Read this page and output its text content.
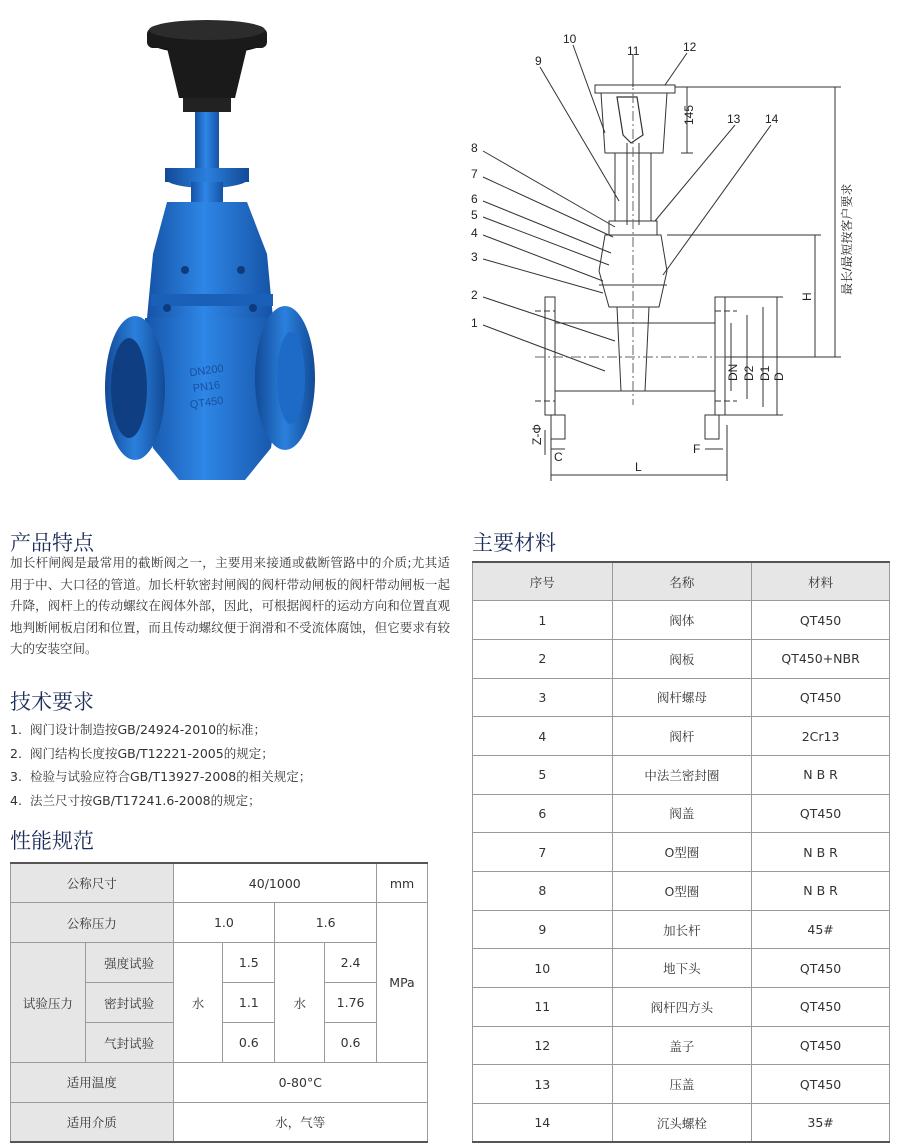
DN200
PN16
QT450
1
2
3
4
5
6
7
8
9
10
11	12
13 14
145
H
最长/最短按客户要求
DN D2 D1 D
Z-Φ
C
F
L
产品特点
加长杆闸阀是最常用的截断阀之一，主要用来接通或截断管路中的介质;尤其适用于中、大口径的管道。加长杆软密封闸阀的阀杆带动闸板的阀杆带动闸板一起升降，阀杆上的传动螺纹在阀体外部，因此，可根据阀杆的运动方向和位置直观地判断闸板启闭和位置，而且传动螺纹便于润滑和不受流体腐蚀，但它要求有较大的安装空间。
技术要求
1. 阀门设计制造按GB/24924-2010的标准；
2. 阀门结构长度按GB/T12221-2005的规定；
3. 检验与试验应符合GB/T13927-2008的相关规定；
4. 法兰尺寸按GB/T17241.6-2008的规定；
性能规范
公称尺寸		40/1000				mm
公称压力		1.0		1.6		MPa
试验压力	强度试验	水	1.5	水	2.4	
	密封试验		1.1		1.76	
	气封试验		0.6		0.6	
适用温度		0-80°C				
适用介质		水，气等				
主要材料
序号	名称	材料
1	阀体	QT450
2	阀板	QT450+NBR
3	阀杆螺母	QT450
4	阀杆	2Cr13
5	中法兰密封圈	N B R
6	阀盖	QT450
7	O型圈	N B R
8	O型圈	N B R
9	加长杆	45#
10	地下头	QT450
11	阀杆四方头	QT450
12	盖子	QT450
13	压盖	QT450
14	沉头螺栓	35#
